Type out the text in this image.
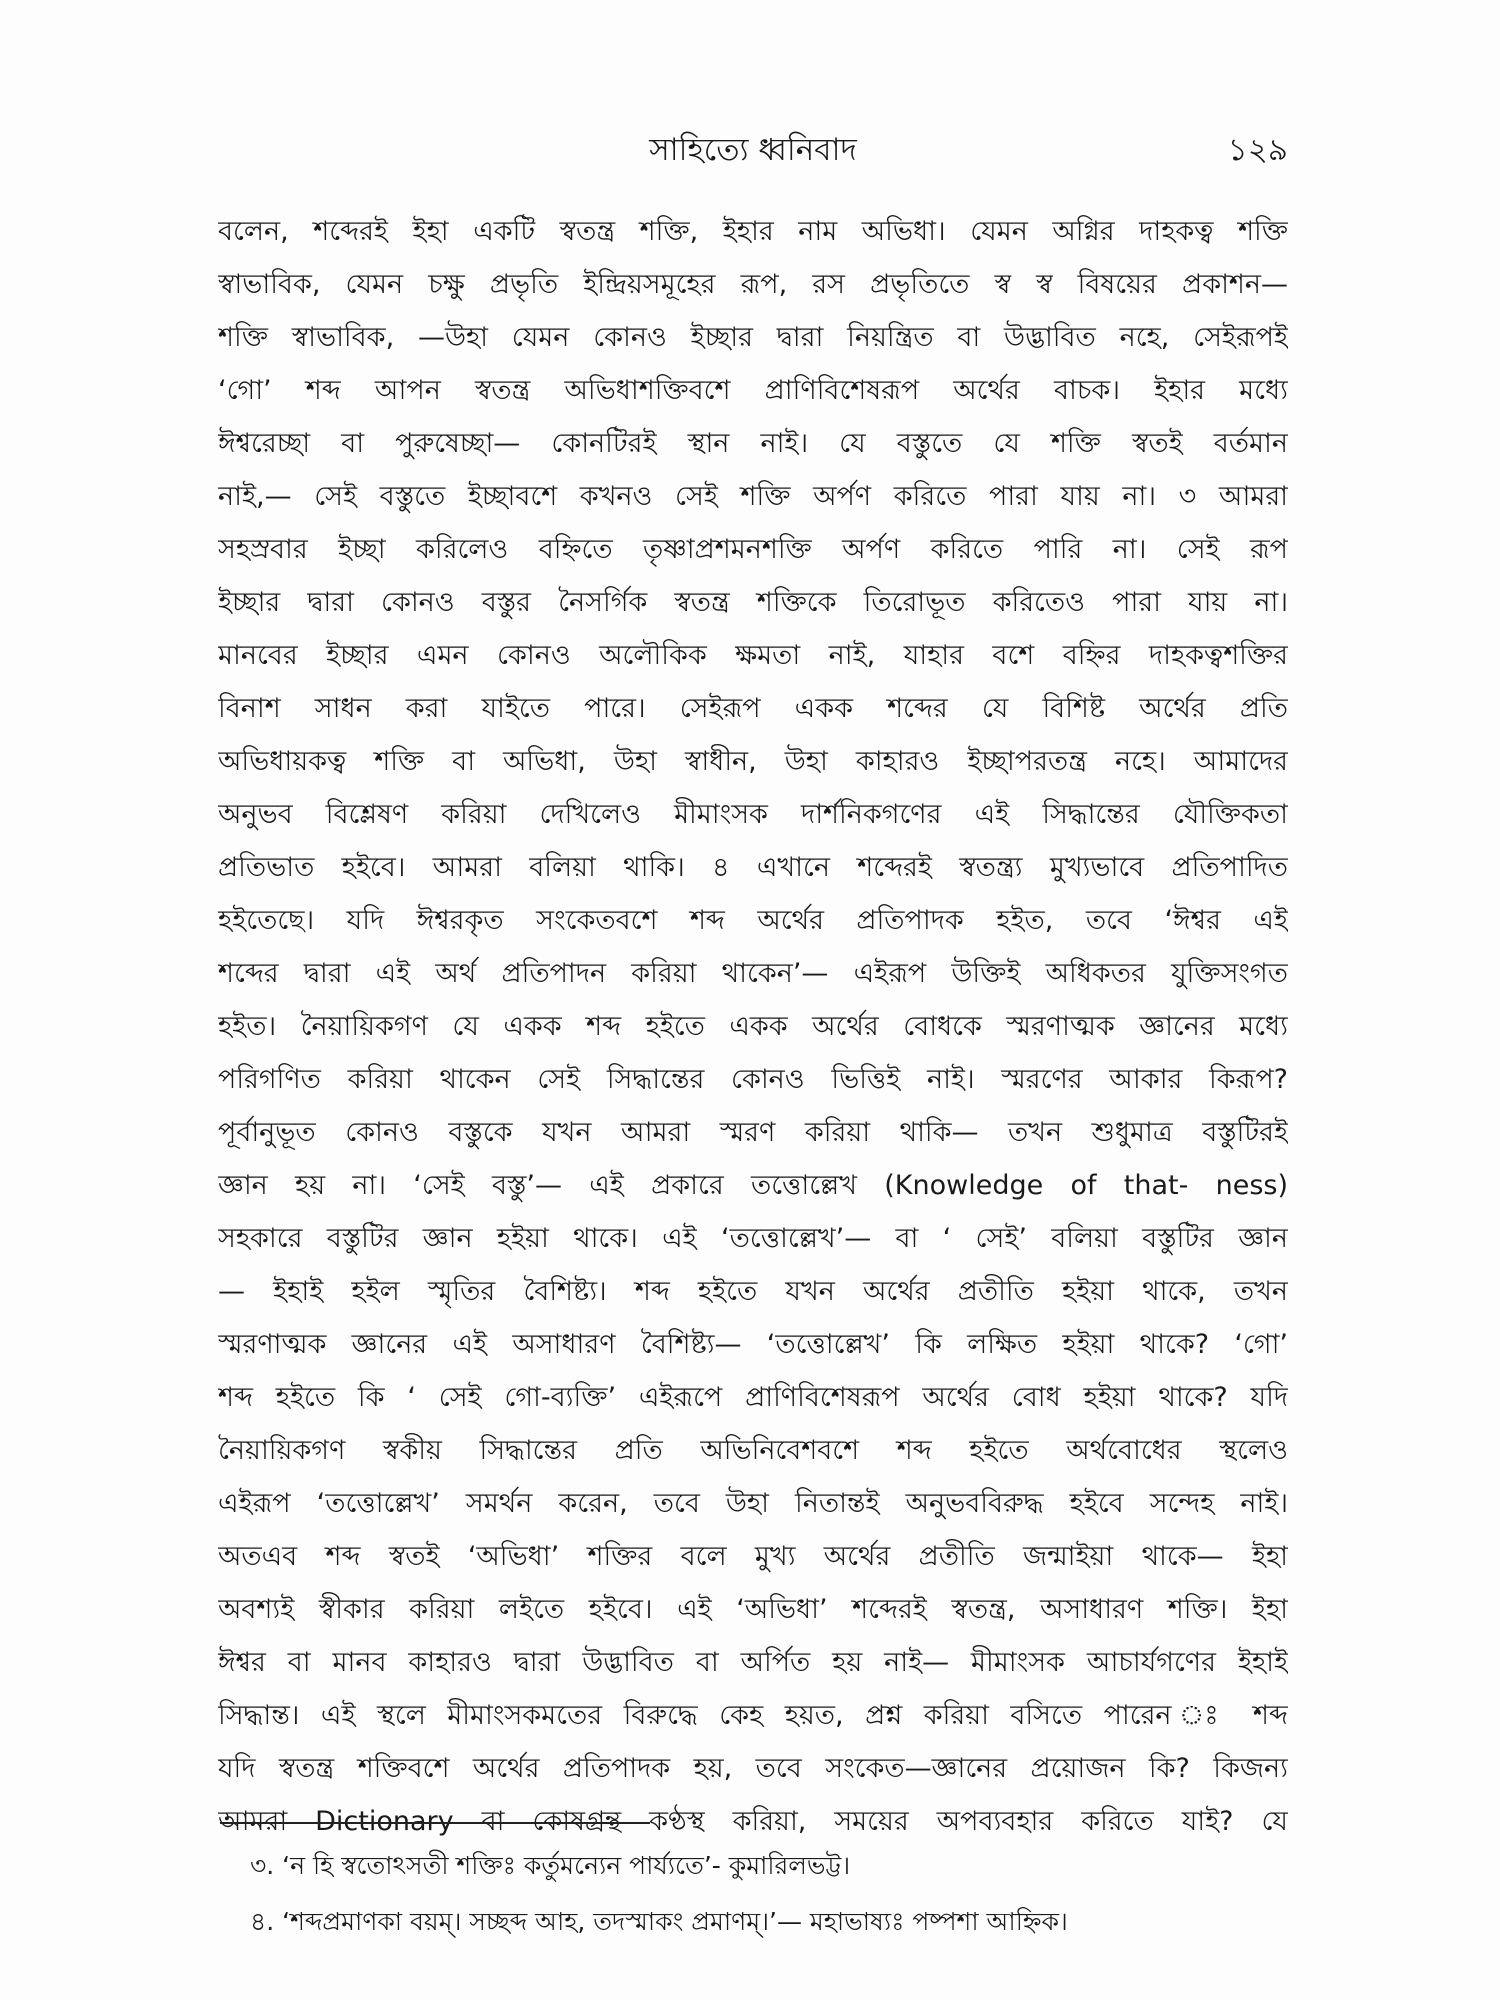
সাহিত্যে ধ্বনিবাদ	১২৯
বলেন, শব্দেরই ইহা একটি স্বতন্ত্র শক্তি, ইহার নাম অভিধা। যেমন অগ্নির দাহকত্ব শক্তি
স্বাভাবিক, যেমন চক্ষু প্রভৃতি ইন্দ্রিয়সমূহের রূপ, রস প্রভৃতিতে স্ব স্ব বিষয়ের প্রকাশন—
শক্তি স্বাভাবিক, —উহা যেমন কোনও ইচ্ছার দ্বারা নিয়ন্ত্রিত বা উদ্ভাবিত নহে, সেইরূপই
‘গো’ শব্দ আপন স্বতন্ত্র অভিধাশক্তিবশে প্রাণিবিশেষরূপ অর্থের বাচক। ইহার মধ্যে
ঈশ্বরেচ্ছা বা পুরুষেচ্ছা— কোনটিরই স্থান নাই। যে বস্তুতে যে শক্তি স্বতই বর্তমান
নাই,— সেই বস্তুতে ইচ্ছাবশে কখনও সেই শক্তি অর্পণ করিতে পারা যায় না। ৩ আমরা
সহস্রবার ইচ্ছা করিলেও বহ্নিতে তৃষ্ণাপ্রশমনশক্তি অর্পণ করিতে পারি না। সেই রূপ
ইচ্ছার দ্বারা কোনও বস্তুর নৈসর্গিক স্বতন্ত্র শক্তিকে তিরোভূত করিতেও পারা যায় না।
মানবের ইচ্ছার এমন কোনও অলৌকিক ক্ষমতা নাই, যাহার বশে বহ্নির দাহকত্বশক্তির
বিনাশ সাধন করা যাইতে পারে। সেইরূপ একক শব্দের যে বিশিষ্ট অর্থের প্রতি
অভিধায়কত্ব শক্তি বা অভিধা, উহা স্বাধীন, উহা কাহারও ইচ্ছাপরতন্ত্র নহে। আমাদের
অনুভব বিশ্লেষণ করিয়া দেখিলেও মীমাংসক দার্শনিকগণের এই সিদ্ধান্তের যৌক্তিকতা
প্রতিভাত হইবে। আমরা বলিয়া থাকি। ৪ এখানে শব্দেরই স্বতন্ত্র্য মুখ্যভাবে প্রতিপাদিত
হইতেছে। যদি ঈশ্বরকৃত সংকেতবশে শব্দ অর্থের প্রতিপাদক হইত, তবে ‘ঈশ্বর এই
শব্দের দ্বারা এই অর্থ প্রতিপাদন করিয়া থাকেন’— এইরূপ উক্তিই অধিকতর যুক্তিসংগত
হইত। নৈয়ায়িকগণ যে একক শব্দ হইতে একক অর্থের বোধকে স্মরণাত্মক জ্ঞানের মধ্যে
পরিগণিত করিয়া থাকেন সেই সিদ্ধান্তের কোনও ভিত্তিই নাই। স্মরণের আকার কিরূপ?
পূর্বানুভূত কোনও বস্তুকে যখন আমরা স্মরণ করিয়া থাকি— তখন শুধুমাত্র বস্তুটিরই
জ্ঞান হয় না। ‘সেই বস্তু’— এই প্রকারে তত্তোল্লেখ (Knowledge of that- ness)
সহকারে বস্তুটির জ্ঞান হইয়া থাকে। এই ‘তত্তোল্লেখ’— বা ‘ সেই’ বলিয়া বস্তুটির জ্ঞান
— ইহাই হইল স্মৃতির বৈশিষ্ট্য। শব্দ হইতে যখন অর্থের প্রতীতি হইয়া থাকে, তখন
স্মরণাত্মক জ্ঞানের এই অসাধারণ বৈশিষ্ট্য— ‘তত্তোল্লেখ’ কি লক্ষিত হইয়া থাকে? ‘গো’
শব্দ হইতে কি ‘ সেই গো-ব্যক্তি’ এইরূপে প্রাণিবিশেষরূপ অর্থের বোধ হইয়া থাকে? যদি
নৈয়ায়িকগণ স্বকীয় সিদ্ধান্তের প্রতি অভিনিবেশবশে শব্দ হইতে অর্থবোধের স্থলেও
এইরূপ ‘তত্তোল্লেখ’ সমর্থন করেন, তবে উহা নিতান্তই অনুভববিরুদ্ধ হইবে সন্দেহ নাই।
অতএব শব্দ স্বতই ‘অভিধা’ শক্তির বলে মুখ্য অর্থের প্রতীতি জন্মাইয়া থাকে— ইহা
অবশ্যই স্বীকার করিয়া লইতে হইবে। এই ‘অভিধা’ শব্দেরই স্বতন্ত্র, অসাধারণ শক্তি। ইহা
ঈশ্বর বা মানব কাহারও দ্বারা উদ্ভাবিত বা অর্পিত হয় নাই— মীমাংসক আচার্যগণের ইহাই
সিদ্ধান্ত। এই স্থলে মীমাংসকমতের বিরুদ্ধে কেহ হয়ত, প্রশ্ন করিয়া বসিতে পারেন ঃ শব্দ
যদি স্বতন্ত্র শক্তিবশে অর্থের প্রতিপাদক হয়, তবে সংকেত—জ্ঞানের প্রয়োজন কি? কিজন্য
আমরা Dictionary বা কোষগ্রন্থ কণ্ঠস্থ করিয়া, সময়ের অপব্যবহার করিতে যাই? যে
৩. ‘ন হি স্বতোঽসতী শক্তিঃ কর্তুমন্যেন পার্য্যতে’- কুমারিলভট্ট।
৪. ‘শব্দপ্রমাণকা বয়ম্। সচ্ছব্দ আহ, তদস্মাকং প্রমাণম্।’— মহাভাষ্যঃ পষ্পশা আহ্নিক।
